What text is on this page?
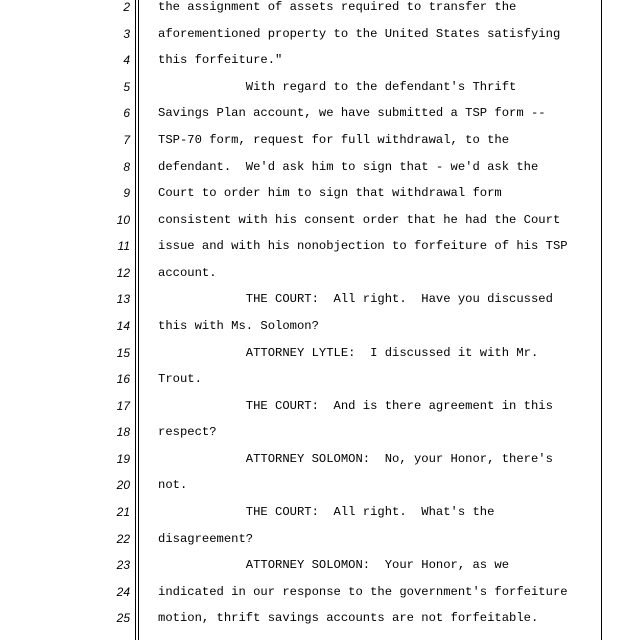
2 the assignment of assets required to transfer the
3 aforementioned property to the United States satisfying
4 this forfeiture."
5 With regard to the defendant's Thrift
6 Savings Plan account, we have submitted a TSP form --
7 TSP-70 form, request for full withdrawal, to the
8 defendant.  We'd ask him to sign that - we'd ask the
9 Court to order him to sign that withdrawal form
10 consistent with his consent order that he had the Court
11 issue and with his nonobjection to forfeiture of his TSP
12 account.
13 THE COURT:  All right.  Have you discussed
14 this with Ms. Solomon?
15 ATTORNEY LYTLE:  I discussed it with Mr.
16 Trout.
17 THE COURT:  And is there agreement in this
18 respect?
19 ATTORNEY SOLOMON:  No, your Honor, there's
20 not.
21 THE COURT:  All right.  What's the
22 disagreement?
23 ATTORNEY SOLOMON:  Your Honor, as we
24 indicated in our response to the government's forfeiture
25 motion, thrift savings accounts are not forfeitable.
